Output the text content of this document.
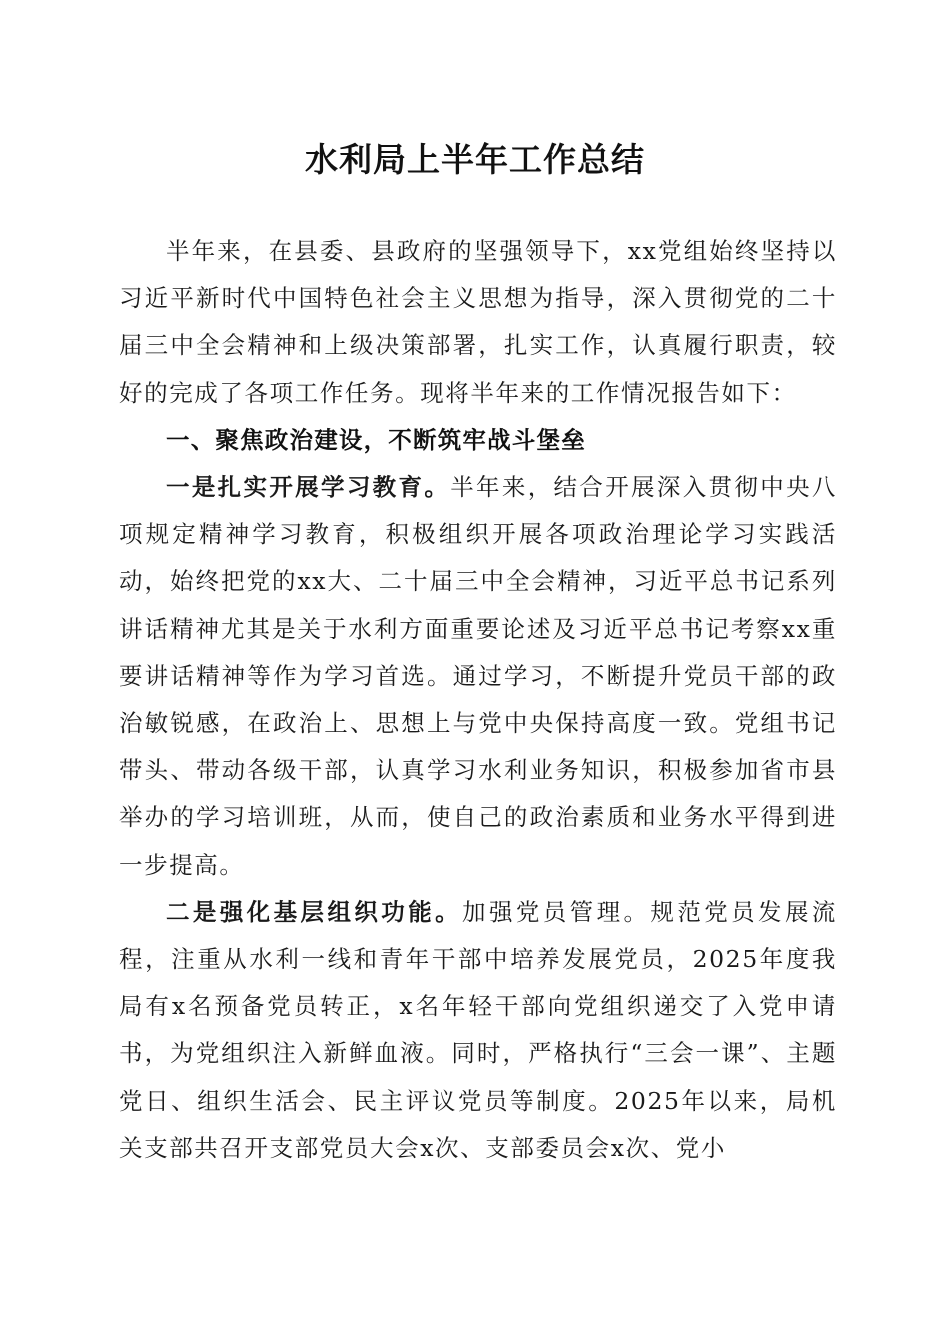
水利局上半年工作总结

半年来，在县委、县政府的坚强领导下，xx党组始终坚持以习近平新时代中国特色社会主义思想为指导，深入贯彻党的二十届三中全会精神和上级决策部署，扎实工作，认真履行职责，较好的完成了各项工作任务。现将半年来的工作情况报告如下：

一、聚焦政治建设，不断筑牢战斗堡垒

一是扎实开展学习教育。半年来，结合开展深入贯彻中央八项规定精神学习教育，积极组织开展各项政治理论学习实践活动，始终把党的xx大、二十届三中全会精神，习近平总书记系列讲话精神尤其是关于水利方面重要论述及习近平总书记考察xx重要讲话精神等作为学习首选。通过学习，不断提升党员干部的政治敏锐感，在政治上、思想上与党中央保持高度一致。党组书记带头、带动各级干部，认真学习水利业务知识，积极参加省市县举办的学习培训班，从而，使自己的政治素质和业务水平得到进一步提高。

二是强化基层组织功能。加强党员管理。规范党员发展流程，注重从水利一线和青年干部中培养发展党员，2025年度我局有x名预备党员转正，x名年轻干部向党组织递交了入党申请书，为党组织注入新鲜血液。同时，严格执行“三会一课”、主题党日、组织生活会、民主评议党员等制度。2025年以来，局机关支部共召开支部党员大会x次、支部委员会x次、党小
